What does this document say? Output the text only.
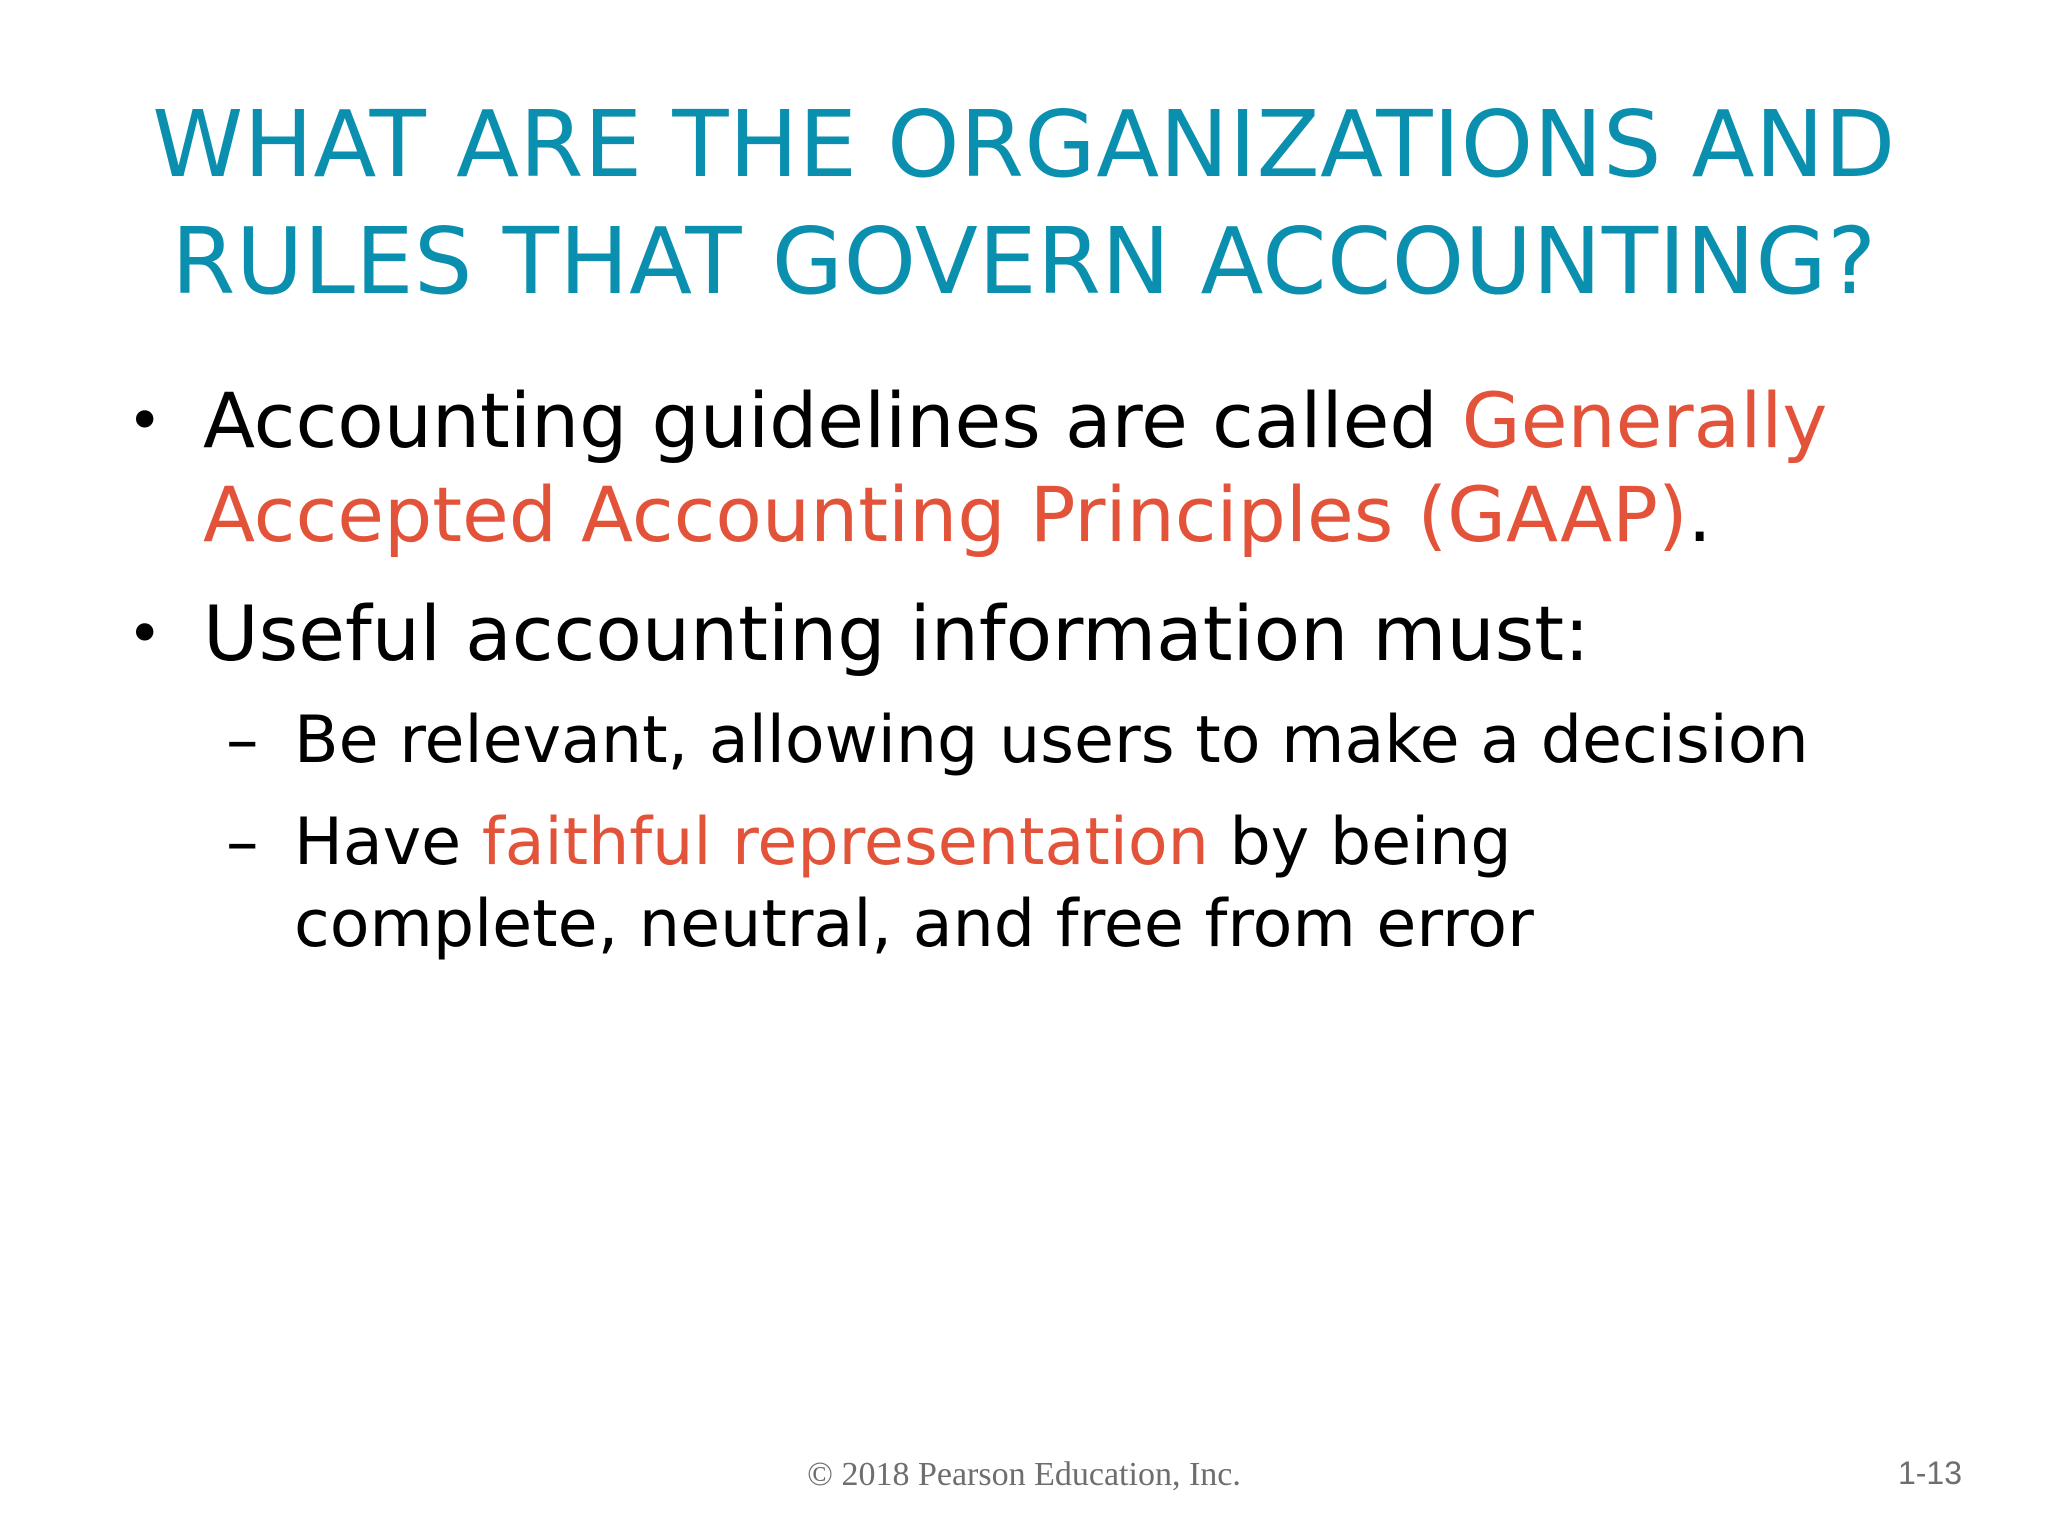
WHAT ARE THE ORGANIZATIONS AND
RULES THAT GOVERN ACCOUNTING?
• Accounting guidelines are called Generally
Accepted Accounting Principles (GAAP).
• Useful accounting information must:
– Be relevant, allowing users to make a decision
– Have faithful representation by being
complete, neutral, and free from error
© 2018 Pearson Education, Inc.	1-13
